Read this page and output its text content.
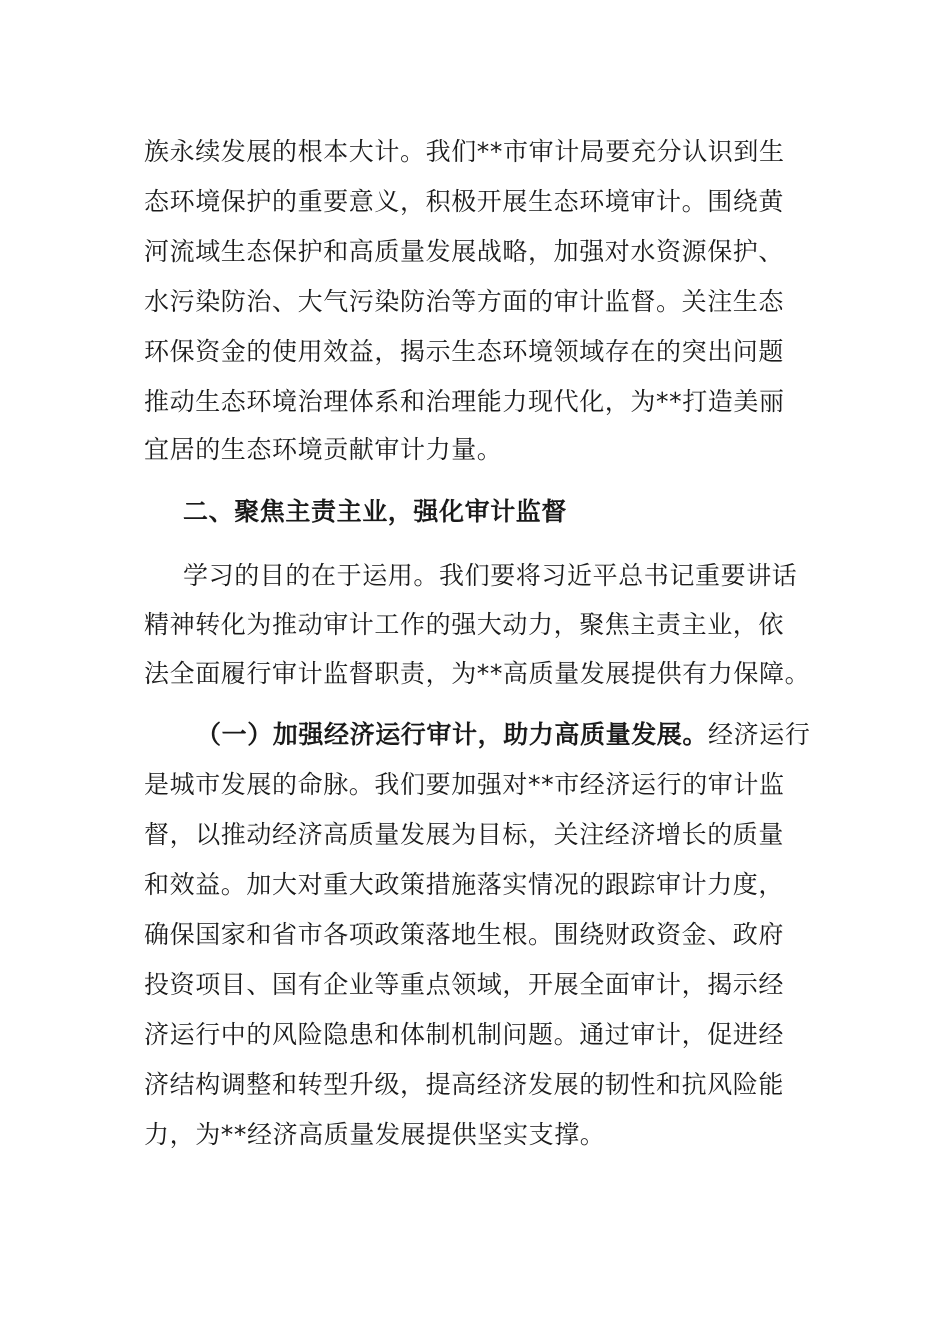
族永续发展的根本大计。我们**市审计局要充分认识到生
态环境保护的重要意义，积极开展生态环境审计。围绕黄
河流域生态保护和高质量发展战略，加强对水资源保护、
水污染防治、大气污染防治等方面的审计监督。关注生态
环保资金的使用效益，揭示生态环境领域存在的突出问题
推动生态环境治理体系和治理能力现代化，为**打造美丽
宜居的生态环境贡献审计力量。
二、聚焦主责主业，强化审计监督
学习的目的在于运用。我们要将习近平总书记重要讲话
精神转化为推动审计工作的强大动力，聚焦主责主业，依
法全面履行审计监督职责，为**高质量发展提供有力保障。
（一）加强经济运行审计，助力高质量发展。经济运行
是城市发展的命脉。我们要加强对**市经济运行的审计监
督，以推动经济高质量发展为目标，关注经济增长的质量
和效益。加大对重大政策措施落实情况的跟踪审计力度，
确保国家和省市各项政策落地生根。围绕财政资金、政府
投资项目、国有企业等重点领域，开展全面审计，揭示经
济运行中的风险隐患和体制机制问题。通过审计，促进经
济结构调整和转型升级，提高经济发展的韧性和抗风险能
力，为**经济高质量发展提供坚实支撑。
